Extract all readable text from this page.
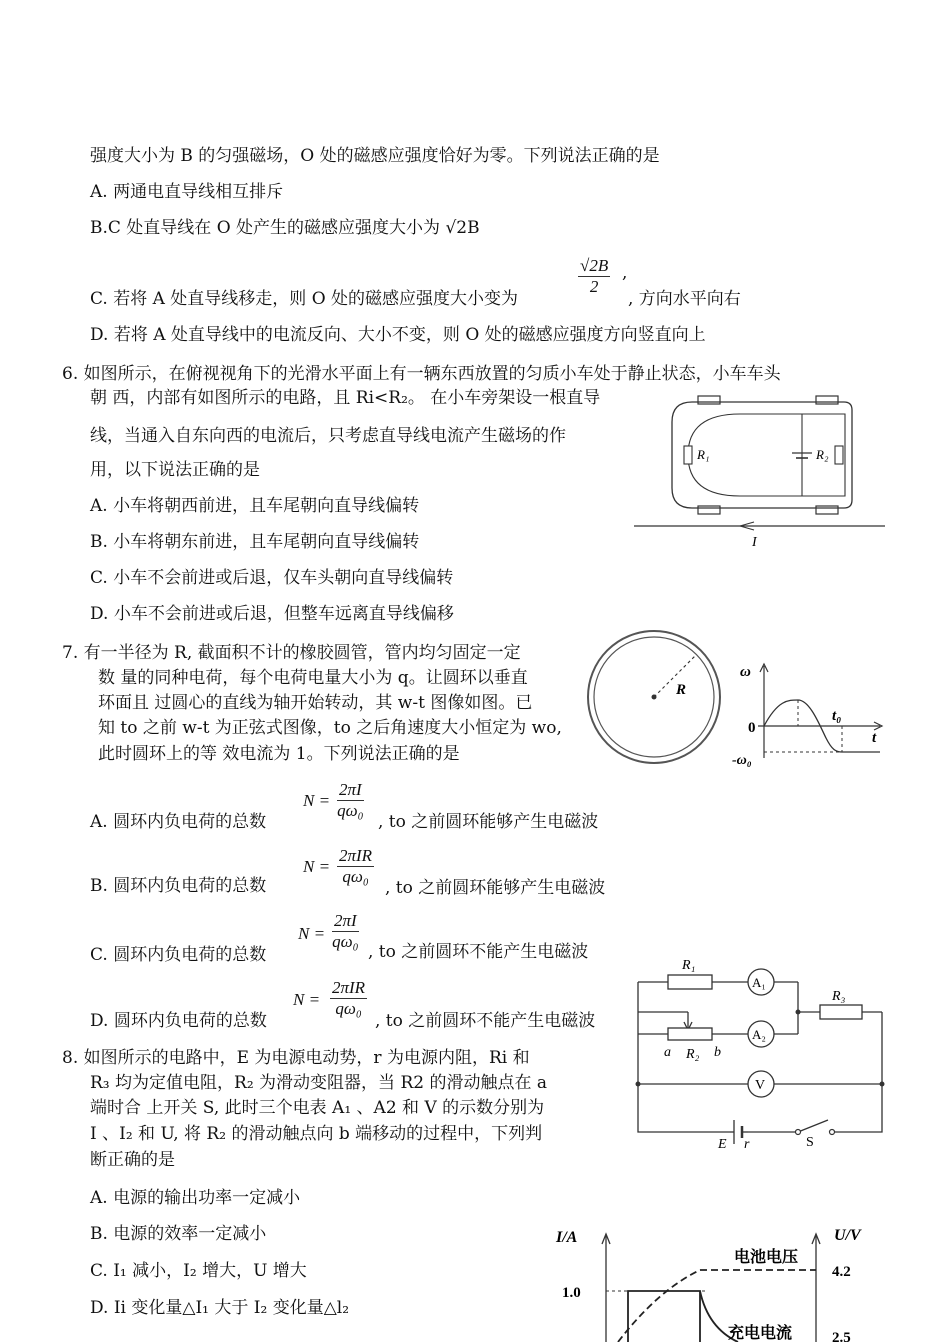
强度大小为 B 的匀强磁场，O 处的磁感应强度恰好为零。下列说法正确的是
A. 两通电直导线相互排斥
B.C 处直导线在 O 处产生的磁感应强度大小为 √2B
$\frac{√2B}{2}$ ,
C. 若将 A 处直导线移走，则 O 处的磁感应强度大小变为	, 方向水平向右
D. 若将 A 处直导线中的电流反向、大小不变，则 O 处的磁感应强度方向竖直向上
6. 如图所示，在俯视视角下的光滑水平面上有一辆东西放置的匀质小车处于静止状态，小车车头
朝 西，内部有如图所示的电路，且 Ri<R₂。 在小车旁架设一根直导
线，当通入自东向西的电流后，只考虑直导线电流产生磁场的作
用，以下说法正确的是
A. 小车将朝西前进，且车尾朝向直导线偏转
B. 小车将朝东前进，且车尾朝向直导线偏转
C. 小车不会前进或后退，仅车头朝向直导线偏转
D. 小车不会前进或后退，但整车远离直导线偏移
R₁	R₂
I
7. 有一半径为 R, 截面积不计的橡胶圆管，管内均匀固定一定
数 量的同种电荷，每个电荷电量大小为 q。让圆环以垂直
环面且 过圆心的直线为轴开始转动，其 w-t 图像如图。已
知 to 之前 w-t 为正弦式图像，to 之后角速度大小恒定为 wo,
此时圆环上的等 效电流为 1。下列说法正确的是
R
ω
0
t₀
t
-ω₀
A. 圆环内负电荷的总数
$N = \frac{2\pi I}{\text{qω₀}}$
, to 之前圆环能够产生电磁波
B. 圆环内负电荷的总数
N =
2πIR
qω₀
, to 之前圆环能够产生电磁波
C. 圆环内负电荷的总数
$N = \frac{2\pi I}{\text{qω₀}}$ , to 之前圆环不能产生电磁波
D. 圆环内负电荷的总数
N =
2πIR
qω₀
, to 之前圆环不能产生电磁波
8. 如图所示的电路中，E 为电源电动势，r 为电源内阻，Ri 和
R₃ 均为定值电阻，R₂ 为滑动变阻器，当 R2 的滑动触点在 a
端时合 上开关 S, 此时三个电表 A₁ 、A2 和 V 的示数分别为
I 、I₂ 和 U, 将 R₂ 的滑动触点向 b 端移动的过程中，下列判
断正确的是
A. 电源的输出功率一定减小
B. 电源的效率一定减小
C. I₁ 减小，I₂ 增大，U 增大
D. Ii 变化量△I₁ 大于 I₂ 变化量△l₂
E r	S
R₁
A₁
R₃
a R₂ b
A₂
V
I/A	U/V
1.0
电池电压
充电电流
4.2
2.5
